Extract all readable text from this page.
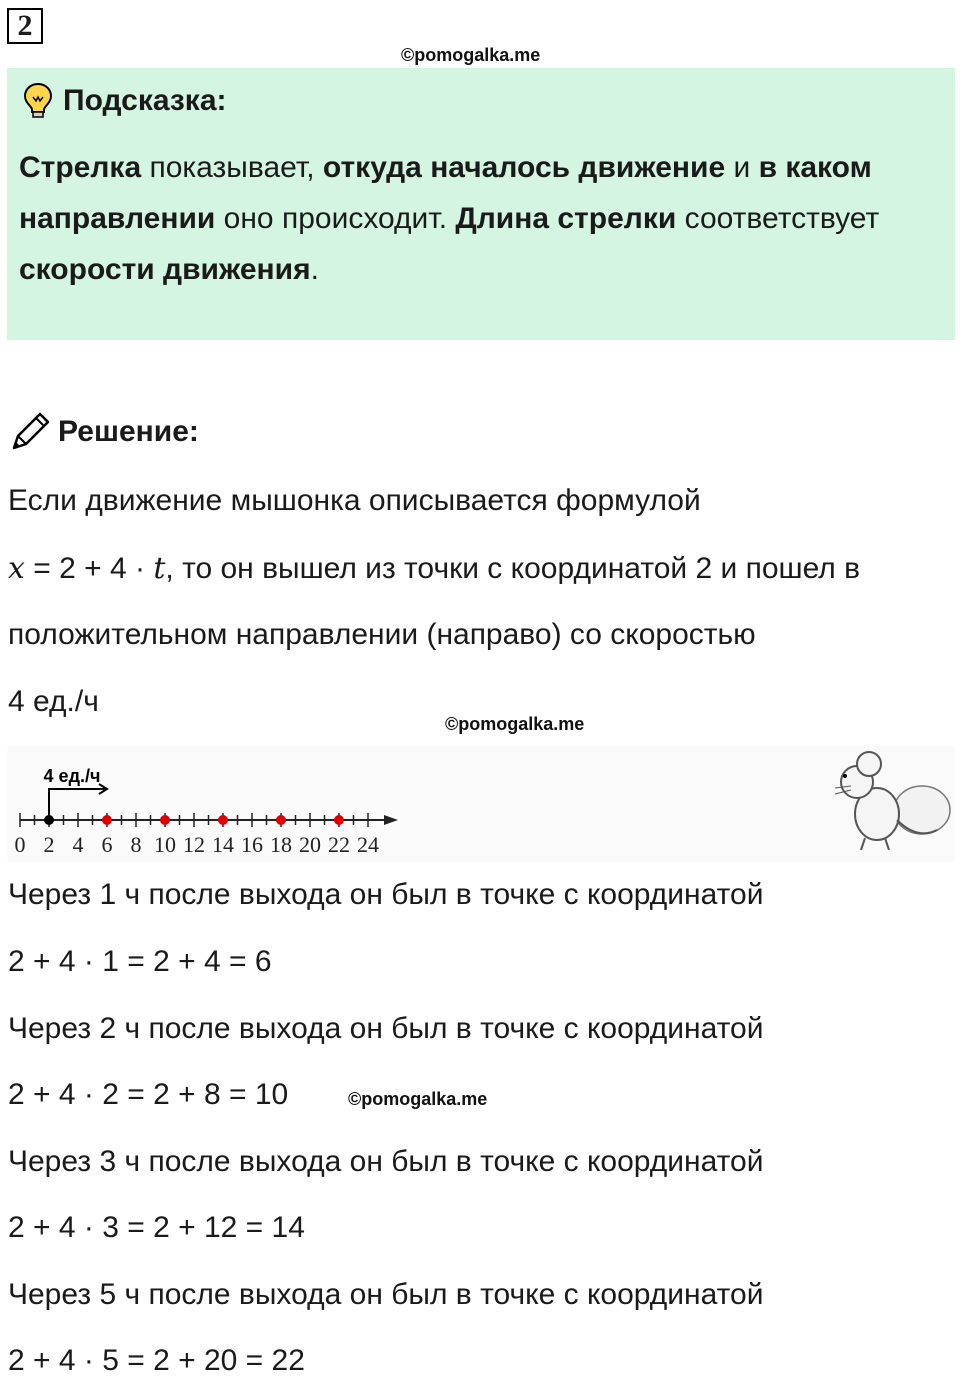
2
©pomogalka.me
Подсказка:
Стрелка показывает, откуда началось движение и в каком направлении оно происходит. Длина стрелки соответствует скорости движения.
Решение:
Если движение мышонка описывается формулой
x = 2 + 4 · t, то он вышел из точки с координатой 2 и пошел в
положительном направлении (направо) со скоростью
4 ед./ч
©pomogalka.me
0 2 4 6 8 10 12 14 16 18 20 22 24
4 ед./ч
Через 1 ч после выхода он был в точке с координатой
2 + 4 · 1 = 2 + 4 = 6
Через 2 ч после выхода он был в точке с координатой
2 + 4 · 2 = 2 + 8 = 10
Через 3 ч после выхода он был в точке с координатой
2 + 4 · 3 = 2 + 12 = 14
Через 5 ч после выхода он был в точке с координатой
2 + 4 · 5 = 2 + 20 = 22
©pomogalka.me
